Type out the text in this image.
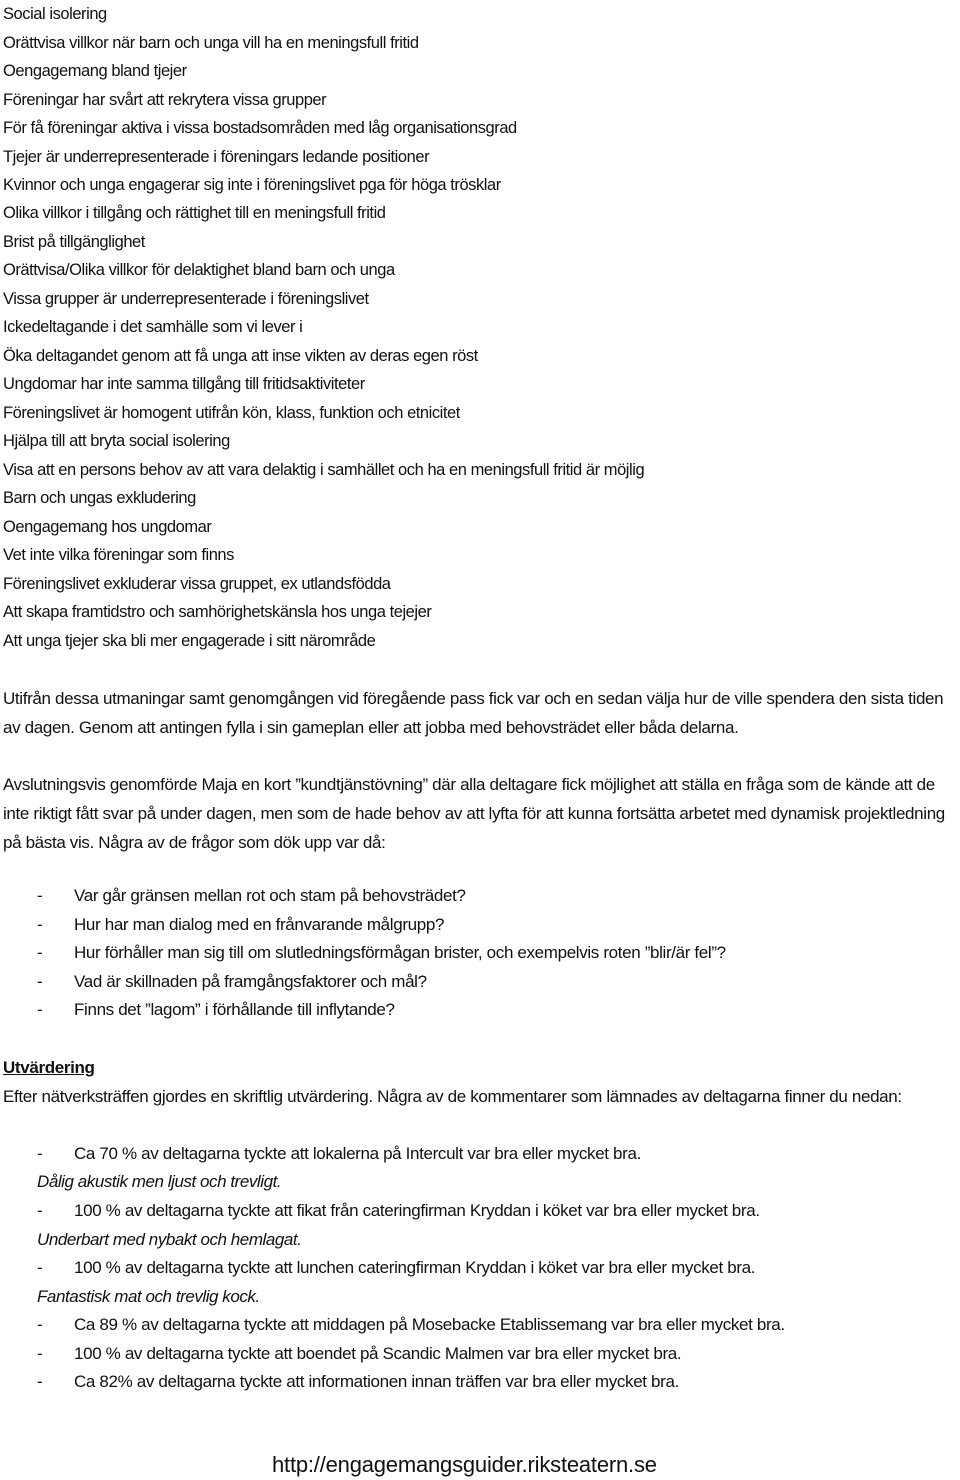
Social isolering
Orättvisa villkor när barn och unga vill ha en meningsfull fritid
Oengagemang bland tjejer
Föreningar har svårt att rekrytera vissa grupper
För få föreningar aktiva i vissa bostadsområden med låg organisationsgrad
Tjejer är underrepresenterade i föreningars ledande positioner
Kvinnor och unga engagerar sig inte i föreningslivet pga för höga trösklar
Olika villkor i tillgång och rättighet till en meningsfull fritid
Brist på tillgänglighet
Orättvisa/Olika villkor för delaktighet bland barn och unga
Vissa grupper är underrepresenterade i föreningslivet
Ickedeltagande i det samhälle som vi lever i
Öka deltagandet genom att få unga att inse vikten av deras egen röst
Ungdomar har inte samma tillgång till fritidsaktiviteter
Föreningslivet är homogent utifrån kön, klass, funktion och etnicitet
Hjälpa till att bryta social isolering
Visa att en persons behov av att vara delaktig i samhället och ha en meningsfull fritid är möjlig
Barn och ungas exkludering
Oengagemang hos ungdomar
Vet inte vilka föreningar som finns
Föreningslivet exkluderar vissa gruppet, ex utlandsfödda
Att skapa framtidstro och samhörighetskänsla hos unga tejejer
Att unga tjejer ska bli mer engagerade i sitt närområde
Utifrån dessa utmaningar samt genomgången vid föregående pass fick var och en sedan välja hur de ville spendera den sista tiden av dagen. Genom att antingen fylla i sin gameplan eller att jobba med behovsträdet eller båda delarna.
Avslutningsvis genomförde Maja en kort ”kundtjänstövning” där alla deltagare fick möjlighet att ställa en fråga som de kände att de inte riktigt fått svar på under dagen, men som de hade behov av att lyfta för att kunna fortsätta arbetet med dynamisk projektledning på bästa vis. Några av de frågor som dök upp var då:
- Var går gränsen mellan rot och stam på behovsträdet?
- Hur har man dialog med en frånvarande målgrupp?
- Hur förhåller man sig till om slutledningsförmågan brister, och exempelvis roten ”blir/är fel”?
- Vad är skillnaden på framgångsfaktorer och mål?
- Finns det ”lagom” i förhållande till inflytande?
Utvärdering
Efter nätverksträffen gjordes en skriftlig utvärdering. Några av de kommentarer som lämnades av deltagarna finner du nedan:
- Ca 70 % av deltagarna tyckte att lokalerna på Intercult var bra eller mycket bra.
Dålig akustik men ljust och trevligt.
- 100 % av deltagarna tyckte att fikat från cateringfirman Kryddan i köket var bra eller mycket bra.
Underbart med nybakt och hemlagat.
- 100 % av deltagarna tyckte att lunchen cateringfirman Kryddan i köket var bra eller mycket bra.
Fantastisk mat och trevlig kock.
- Ca 89 % av deltagarna tyckte att middagen på Mosebacke Etablissemang var bra eller mycket bra.
- 100 % av deltagarna tyckte att boendet på Scandic Malmen var bra eller mycket bra.
- Ca 82% av deltagarna tyckte att informationen innan träffen var bra eller mycket bra.
http://engagemangsguider.riksteatern.se
